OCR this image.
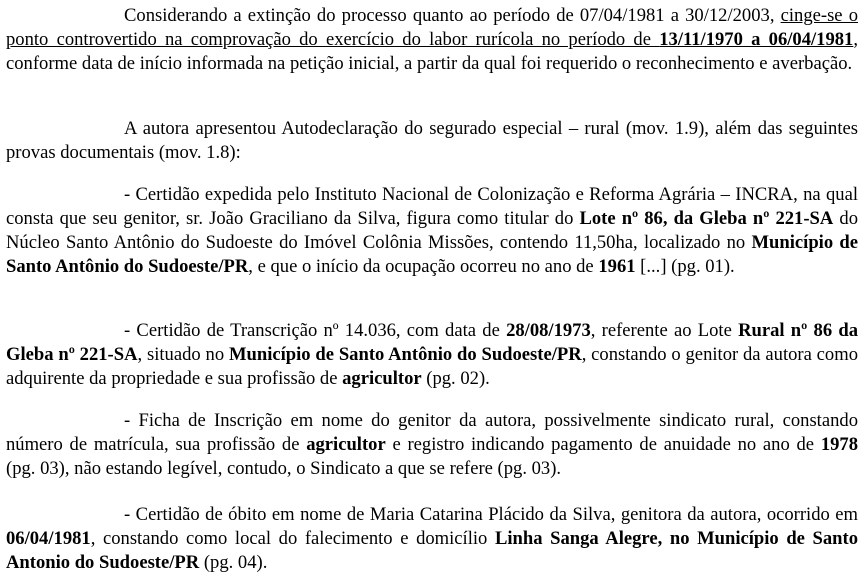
Considerando a extinção do processo quanto ao período de 07/04/1981 a 30/12/2003, cinge-se o ponto controvertido na comprovação do exercício do labor rurícola no período de 13/11/1970 a 06/04/1981, conforme data de início informada na petição inicial, a partir da qual foi requerido o reconhecimento e averbação.

A autora apresentou Autodeclaração do segurado especial – rural (mov. 1.9), além das seguintes provas documentais (mov. 1.8):

- Certidão expedida pelo Instituto Nacional de Colonização e Reforma Agrária – INCRA, na qual consta que seu genitor, sr. João Graciliano da Silva, figura como titular do Lote nº 86, da Gleba nº 221-SA do Núcleo Santo Antônio do Sudoeste do Imóvel Colônia Missões, contendo 11,50ha, localizado no Município de Santo Antônio do Sudoeste/PR, e que o início da ocupação ocorreu no ano de 1961 [...] (pg. 01).

- Certidão de Transcrição nº 14.036, com data de 28/08/1973, referente ao Lote Rural nº 86 da Gleba nº 221-SA, situado no Município de Santo Antônio do Sudoeste/PR, constando o genitor da autora como adquirente da propriedade e sua profissão de agricultor (pg. 02).

- Ficha de Inscrição em nome do genitor da autora, possivelmente sindicato rural, constando número de matrícula, sua profissão de agricultor e registro indicando pagamento de anuidade no ano de 1978 (pg. 03), não estando legível, contudo, o Sindicato a que se refere (pg. 03).

- Certidão de óbito em nome de Maria Catarina Plácido da Silva, genitora da autora, ocorrido em 06/04/1981, constando como local do falecimento e domicílio Linha Sanga Alegre, no Município de Santo Antonio do Sudoeste/PR (pg. 04).
